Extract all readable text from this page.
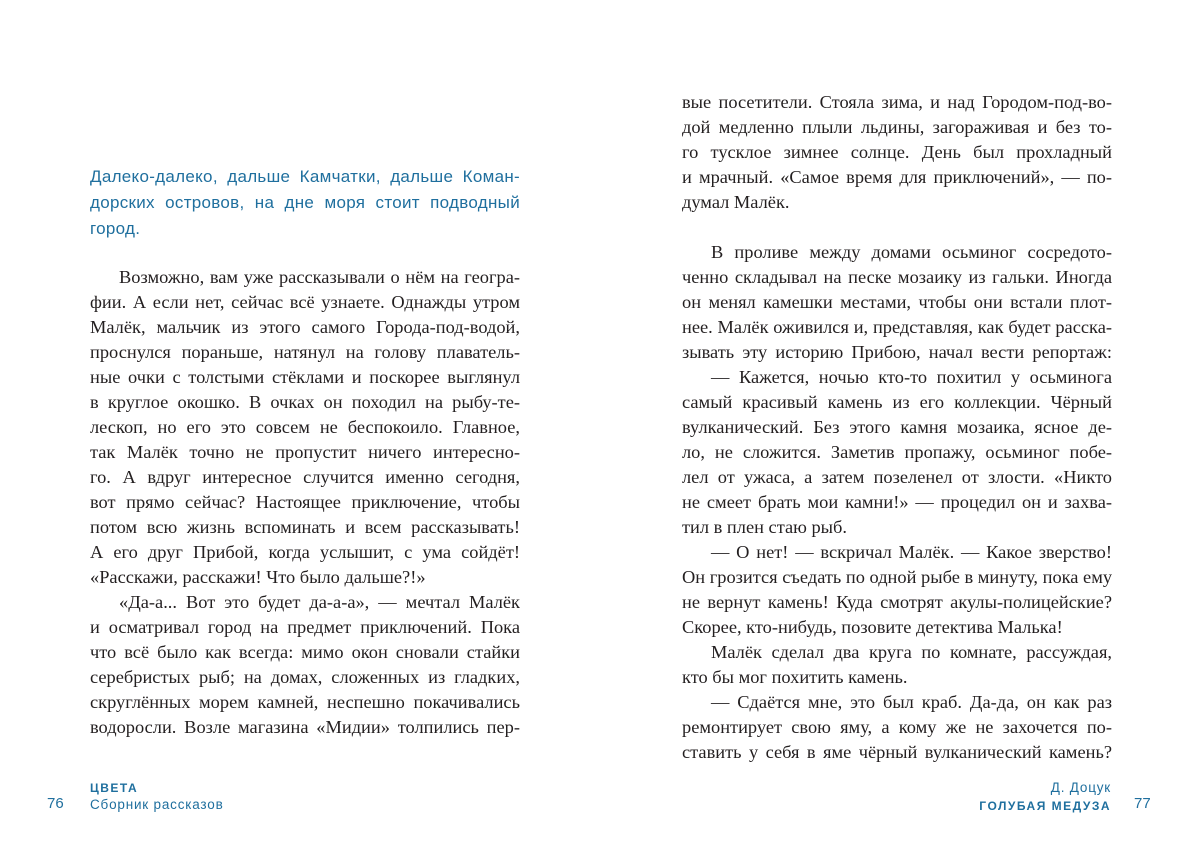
Далеко-далеко, дальше Камчатки, дальше Коман-
дорских островов, на дне моря стоит подводный
город.
Возможно, вам уже рассказывали о нём на геогра-
фии. А если нет, сейчас всё узнаете. Однажды утром
Малёк, мальчик из этого самого Города-под-водой,
проснулся пораньше, натянул на голову плаватель-
ные очки с толстыми стёклами и поскорее выглянул
в круглое окошко. В очках он походил на рыбу-те-
лескоп, но его это совсем не беспокоило. Главное,
так Малёк точно не пропустит ничего интересно-
го. А вдруг интересное случится именно сегодня,
вот прямо сейчас? Настоящее приключение, чтобы
потом всю жизнь вспоминать и всем рассказывать!
А его друг Прибой, когда услышит, с ума сойдёт!
«Расскажи, расскажи! Что было дальше?!»
«Да-а... Вот это будет да-а-а», — мечтал Малёк
и осматривал город на предмет приключений. Пока
что всё было как всегда: мимо окон сновали стайки
серебристых рыб; на домах, сложенных из гладких,
скруглённых морем камней, неспешно покачивались
водоросли. Возле магазина «Мидии» толпились пер-
76
ЦВЕТА
Сборник рассказов
вые посетители. Стояла зима, и над Городом-под-во-
дой медленно плыли льдины, загораживая и без то-
го тусклое зимнее солнце. День был прохладный
и мрачный. «Самое время для приключений», — по-
думал Малёк.
В проливе между домами осьминог сосредото-
ченно складывал на песке мозаику из гальки. Иногда
он менял камешки местами, чтобы они встали плот-
нее. Малёк оживился и, представляя, как будет расска-
зывать эту историю Прибою, начал вести репортаж:
— Кажется, ночью кто-то похитил у осьминога
самый красивый камень из его коллекции. Чёрный
вулканический. Без этого камня мозаика, ясное де-
ло, не сложится. Заметив пропажу, осьминог побе-
лел от ужаса, а затем позеленел от злости. «Никто
не смеет брать мои камни!» — процедил он и захва-
тил в плен стаю рыб.
— О нет! — вскричал Малёк. — Какое зверство!
Он грозится съедать по одной рыбе в минуту, пока ему
не вернут камень! Куда смотрят акулы-полицейские?
Скорее, кто-нибудь, позовите детектива Малька!
Малёк сделал два круга по комнате, рассуждая,
кто бы мог похитить камень.
— Сдаётся мне, это был краб. Да-да, он как раз
ремонтирует свою яму, а кому же не захочется по-
ставить у себя в яме чёрный вулканический камень?
Д. Доцук
ГОЛУБАЯ МЕДУЗА 77
